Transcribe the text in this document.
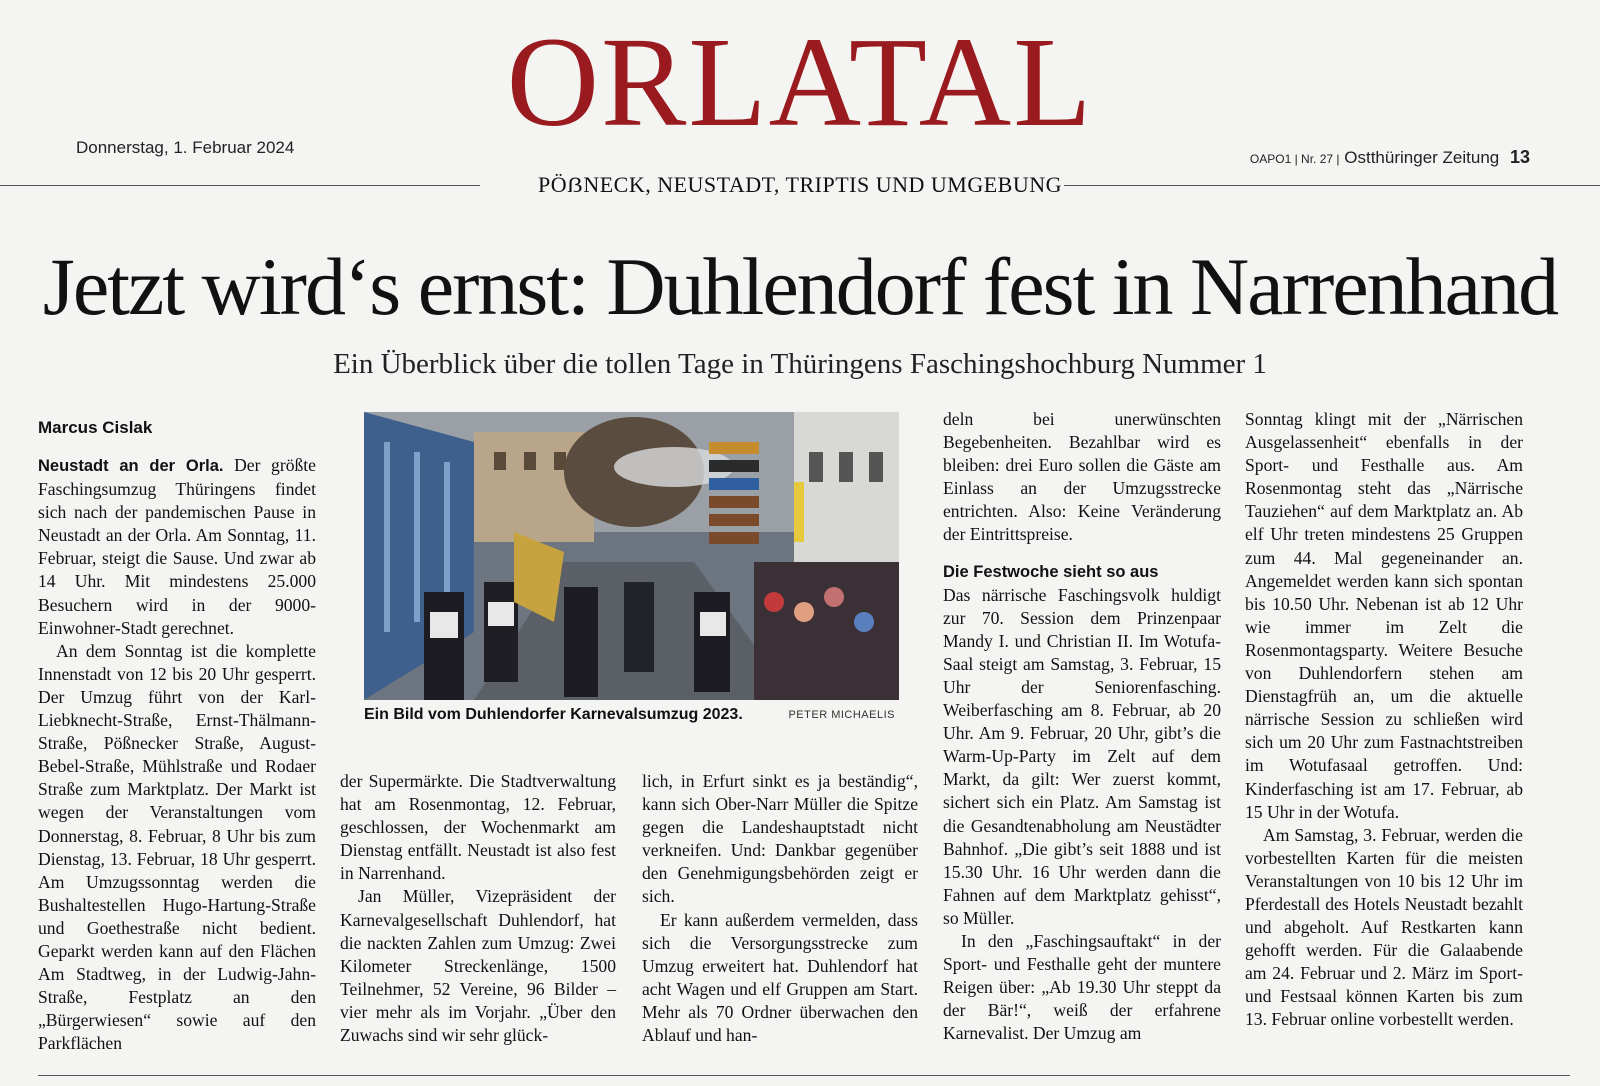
ORLATAL
Donnerstag, 1. Februar 2024
OAPO1 | Nr. 27 | Ostthüringer Zeitung 13
PÖẞNECK, NEUSTADT, TRIPTIS UND UMGEBUNG
Jetzt wird‘s ernst: Duhlendorf fest in Narrenhand
Ein Überblick über die tollen Tage in Thüringens Faschingshochburg Nummer 1
Marcus Cislak

Neustadt an der Orla. Der größte Faschingsumzug Thüringens findet sich nach der pandemischen Pause in Neustadt an der Orla. Am Sonntag, 11. Februar, steigt die Sause. Und zwar ab 14 Uhr. Mit mindestens 25.000 Besuchern wird in der 9000-Einwohner-Stadt gerechnet.

An dem Sonntag ist die komplette Innenstadt von 12 bis 20 Uhr gesperrt. Der Umzug führt von der Karl-Liebknecht-Straße, Ernst-Thälmann-Straße, Pößnecker Straße, August-Bebel-Straße, Mühlstraße und Rodaer Straße zum Marktplatz. Der Markt ist wegen der Veranstaltungen vom Donnerstag, 8. Februar, 8 Uhr bis zum Dienstag, 13. Februar, 18 Uhr gesperrt. Am Umzugssonntag werden die Bushaltestellen Hugo-Hartung-Straße und Goethestraße nicht bedient. Geparkt werden kann auf den Flächen Am Stadtweg, in der Ludwig-Jahn-Straße, Festplatz an den „Bürgerwiesen“ sowie auf den Parkflächen

Ein Bild vom Duhlendorfer Karnevalsumzug 2023.	PETER MICHAELIS

der Supermärkte. Die Stadtverwaltung hat am Rosenmontag, 12. Februar, geschlossen, der Wochenmarkt am Dienstag entfällt. Neustadt ist also fest in Narrenhand.

Jan Müller, Vizepräsident der Karnevalgesellschaft Duhlendorf, hat die nackten Zahlen zum Umzug: Zwei Kilometer Streckenlänge, 1500 Teilnehmer, 52 Vereine, 96 Bilder – vier mehr als im Vorjahr. „Über den Zuwachs sind wir sehr glück-

lich, in Erfurt sinkt es ja beständig“, kann sich Ober-Narr Müller die Spitze gegen die Landeshauptstadt nicht verkneifen. Und: Dankbar gegenüber den Genehmigungsbehörden zeigt er sich.

Er kann außerdem vermelden, dass sich die Versorgungsstrecke zum Umzug erweitert hat. Duhlendorf hat acht Wagen und elf Gruppen am Start. Mehr als 70 Ordner überwachen den Ablauf und han-

deln bei unerwünschten Begebenheiten. Bezahlbar wird es bleiben: drei Euro sollen die Gäste am Einlass an der Umzugsstrecke entrichten. Also: Keine Veränderung der Eintrittspreise.

Die Festwoche sieht so aus

Das närrische Faschingsvolk huldigt zur 70. Session dem Prinzenpaar Mandy I. und Christian II. Im Wotufa-Saal steigt am Samstag, 3. Februar, 15 Uhr der Seniorenfasching. Weiberfasching am 8. Februar, ab 20 Uhr. Am 9. Februar, 20 Uhr, gibt’s die Warm-Up-Party im Zelt auf dem Markt, da gilt: Wer zuerst kommt, sichert sich ein Platz. Am Samstag ist die Gesandtenabholung am Neustädter Bahnhof. „Die gibt’s seit 1888 und ist 15.30 Uhr. 16 Uhr werden dann die Fahnen auf dem Marktplatz gehisst“, so Müller.

In den „Faschingsauftakt“ in der Sport- und Festhalle geht der muntere Reigen über: „Ab 19.30 Uhr steppt da der Bär!“, weiß der erfahrene Karnevalist. Der Umzug am

Sonntag klingt mit der „Närrischen Ausgelassenheit“ ebenfalls in der Sport- und Festhalle aus. Am Rosenmontag steht das „Närrische Tauziehen“ auf dem Marktplatz an. Ab elf Uhr treten mindestens 25 Gruppen zum 44. Mal gegeneinander an. Angemeldet werden kann sich spontan bis 10.50 Uhr. Nebenan ist ab 12 Uhr wie immer im Zelt die Rosenmontagsparty. Weitere Besuche von Duhlendorfern stehen am Dienstagfrüh an, um die aktuelle närrische Session zu schließen wird sich um 20 Uhr zum Fastnachtstreiben im Wotufasaal getroffen. Und: Kinderfasching ist am 17. Februar, ab 15 Uhr in der Wotufa.

Am Samstag, 3. Februar, werden die vorbestellten Karten für die meisten Veranstaltungen von 10 bis 12 Uhr im Pferdestall des Hotels Neustadt bezahlt und abgeholt. Auf Restkarten kann gehofft werden. Für die Galaabende am 24. Februar und 2. März im Sport- und Festsaal können Karten bis zum 13. Februar online vorbestellt werden.
